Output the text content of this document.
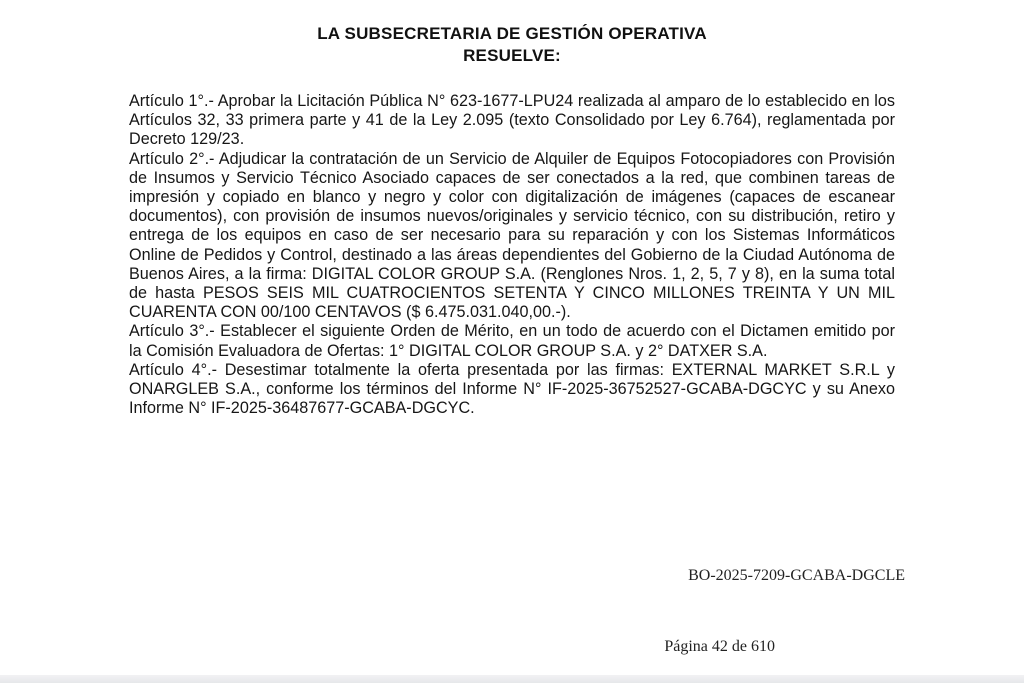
LA SUBSECRETARIA DE GESTIÓN OPERATIVA
RESUELVE:

Artículo 1°.- Aprobar la Licitación Pública N° 623-1677-LPU24 realizada al amparo de lo establecido en los Artículos 32, 33 primera parte y 41 de la Ley 2.095 (texto Consolidado por Ley 6.764), reglamentada por Decreto 129/23.

Artículo 2°.- Adjudicar la contratación de un Servicio de Alquiler de Equipos Fotocopiadores con Provisión de Insumos y Servicio Técnico Asociado capaces de ser conectados a la red, que combinen tareas de impresión y copiado en blanco y negro y color con digitalización de imágenes (capaces de escanear documentos), con provisión de insumos nuevos/originales y servicio técnico, con su distribución, retiro y entrega de los equipos en caso de ser necesario para su reparación y con los Sistemas Informáticos Online de Pedidos y Control, destinado a las áreas dependientes del Gobierno de la Ciudad Autónoma de Buenos Aires, a la firma: DIGITAL COLOR GROUP S.A. (Renglones Nros. 1, 2, 5, 7 y 8), en la suma total de hasta PESOS SEIS MIL CUATROCIENTOS SETENTA Y CINCO MILLONES TREINTA Y UN MIL CUARENTA CON 00/100 CENTAVOS ($ 6.475.031.040,00.-).

Artículo 3°.- Establecer el siguiente Orden de Mérito, en un todo de acuerdo con el Dictamen emitido por la Comisión Evaluadora de Ofertas: 1° DIGITAL COLOR GROUP S.A. y 2° DATXER S.A.

Artículo 4°.- Desestimar totalmente la oferta presentada por las firmas: EXTERNAL MARKET S.R.L y ONARGLEB S.A., conforme los términos del Informe N° IF-2025-36752527-GCABA-DGCYC y su Anexo Informe N° IF-2025-36487677-GCABA-DGCYC.

BO-2025-7209-GCABA-DGCLE
Página 42 de 610
